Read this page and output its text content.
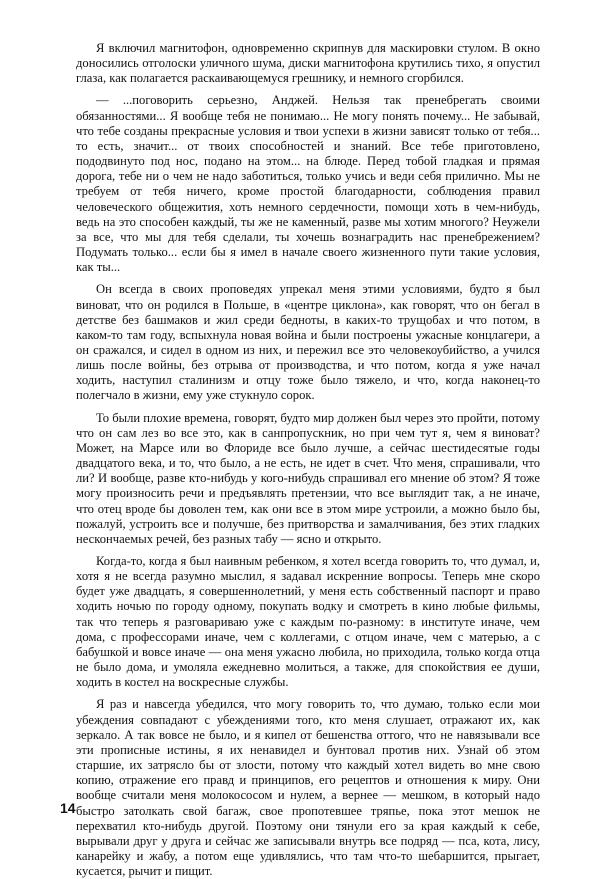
Я включил магнитофон, одновременно скрипнув для маскировки стулом. В окно доносились отголоски уличного шума, диски магнитофона крутились тихо, я опустил глаза, как полагается раскаивающемуся грешнику, и немного сгорбился.

— ...поговорить серьезно, Анджей. Нельзя так пренебрегать своими обязанностями... Я вообще тебя не понимаю... Не могу понять почему... Не забывай, что тебе созданы прекрасные условия и твои успехи в жизни зависят только от тебя... то есть, значит... от твоих способностей и знаний. Все тебе приготовлено, пододвинуто под нос, подано на этом... на блюде. Перед тобой гладкая и прямая дорога, тебе ни о чем не надо заботиться, только учись и веди себя прилично. Мы не требуем от тебя ничего, кроме простой благодарности, соблюдения правил человеческого общежития, хоть немного сердечности, помощи хоть в чем-нибудь, ведь на это способен каждый, ты же не каменный, разве мы хотим многого? Неужели за все, что мы для тебя сделали, ты хочешь вознаградить нас пренебрежением? Подумать только... если бы я имел в начале своего жизненного пути такие условия, как ты...

Он всегда в своих проповедях упрекал меня этими условиями, будто я был виноват, что он родился в Польше, в «центре циклона», как говорят, что он бегал в детстве без башмаков и жил среди бедноты, в каких-то трущобах и что потом, в каком-то там году, вспыхнула новая война и были построены ужасные концлагери, а он сражался, и сидел в одном из них, и пережил все это человекоубийство, а учился лишь после войны, без отрыва от производства, и что потом, когда я уже начал ходить, наступил сталинизм и отцу тоже было тяжело, и что, когда наконец-то полегчало в жизни, ему уже стукнуло сорок.

То были плохие времена, говорят, будто мир должен был через это пройти, потому что он сам лез во все это, как в санпропускник, но при чем тут я, чем я виноват? Может, на Марсе или во Флориде все было лучше, а сейчас шестидесятые годы двадцатого века, и то, что было, а не есть, не идет в счет. Что меня, спрашивали, что ли? И вообще, разве кто-нибудь у кого-нибудь спрашивал его мнение об этом? Я тоже могу произносить речи и предъявлять претензии, что все выглядит так, а не иначе, что отец вроде бы доволен тем, как они все в этом мире устроили, а можно было бы, пожалуй, устроить все и получше, без притворства и замалчивания, без этих гладких нескончаемых речей, без разных табу — ясно и открыто.

Когда-то, когда я был наивным ребенком, я хотел всегда говорить то, что думал, и, хотя я не всегда разумно мыслил, я задавал искренние вопросы. Теперь мне скоро будет уже двадцать, я совершеннолетний, у меня есть собственный паспорт и право ходить ночью по городу одному, покупать водку и смотреть в кино любые фильмы, так что теперь я разговариваю уже с каждым по-разному: в институте иначе, чем дома, с профессорами иначе, чем с коллегами, с отцом иначе, чем с матерью, а с бабушкой и вовсе иначе — она меня ужасно любила, но приходила, только когда отца не было дома, и умоляла ежедневно молиться, а также, для спокойствия ее души, ходить в костел на воскресные службы.

Я раз и навсегда убедился, что могу говорить то, что думаю, только если мои убеждения совпадают с убеждениями того, кто меня слушает, отражают их, как зеркало. А так вовсе не было, и я кипел от бешенства оттого, что не навязывали все эти прописные истины, я их ненавидел и бунтовал против них. Узнай об этом старшие, их затрясло бы от злости, потому что каждый хотел видеть во мне свою копию, отражение его правд и принципов, его рецептов и отношения к миру. Они вообще считали меня молокососом и нулем, а вернее — мешком, в который надо быстро затолкать свой багаж, свое пропотевшее тряпье, пока этот мешок не перехватил кто-нибудь другой. Поэтому они тянули его за края каждый к себе, вырывали друг у друга и сейчас же записывали внутрь все подряд — пса, кота, лису, канарейку и жабу, а потом еще удивлялись, что там что-то шебаршится, прыгает, кусается, рычит и пищит.

14
